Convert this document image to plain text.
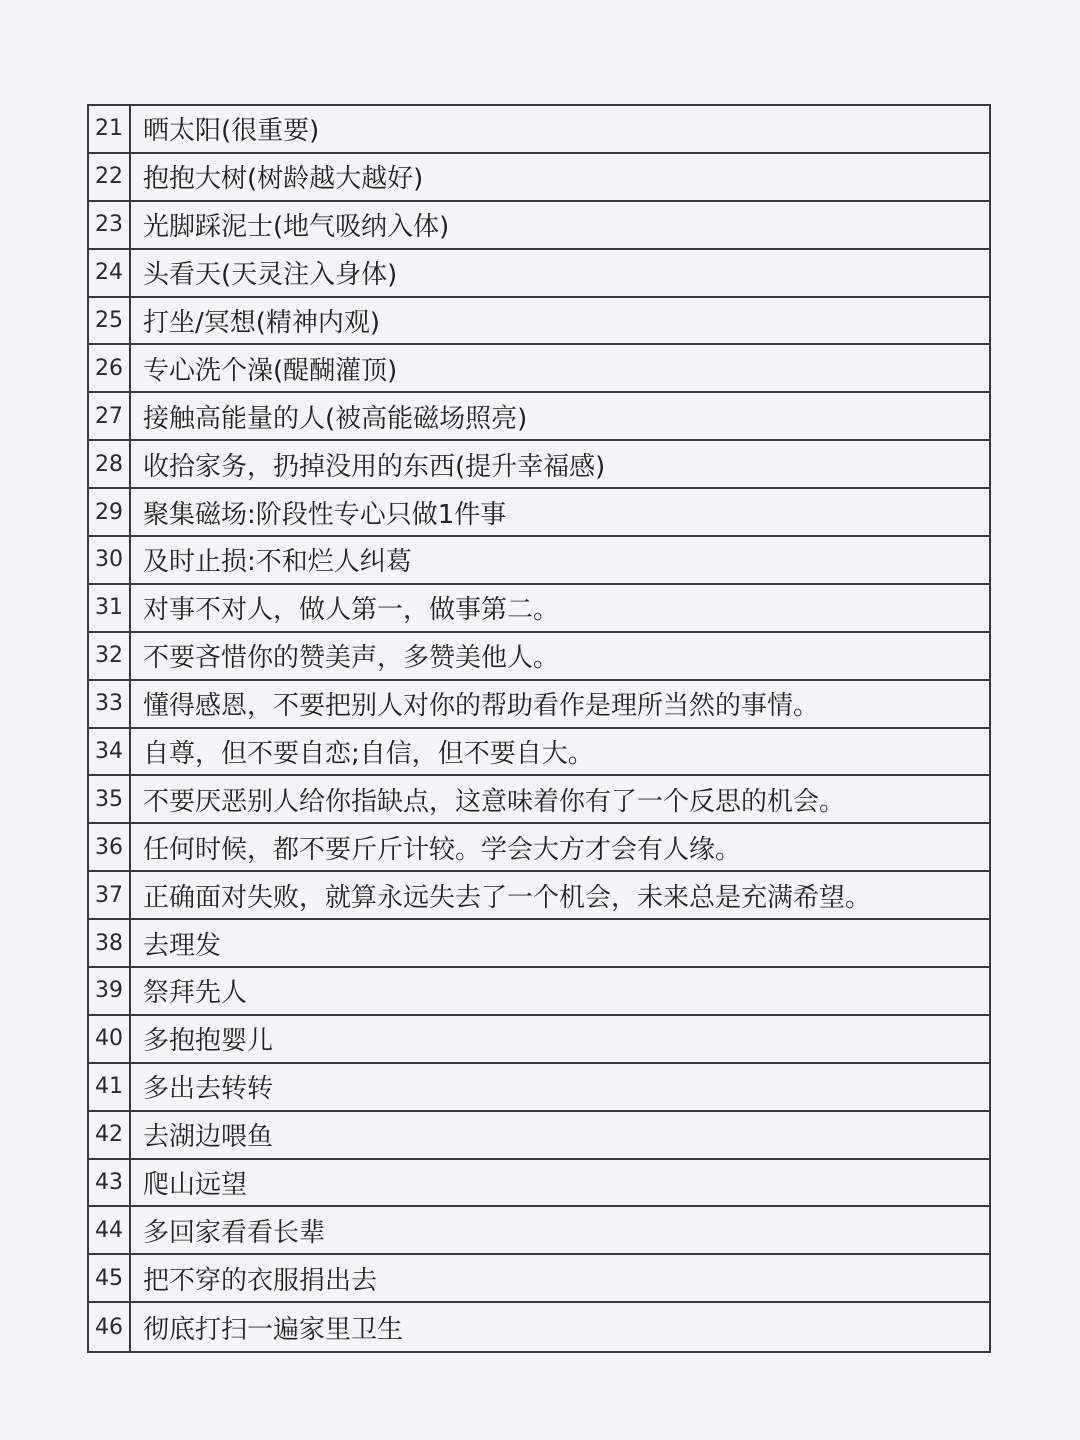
21 晒太阳(很重要)
22 抱抱大树(树龄越大越好)
23 光脚踩泥士(地气吸纳入体)
24 头看天(天灵注入身体)
25 打坐/冥想(精神内观)
26 专心洗个澡(醍醐灌顶)
27 接触高能量的人(被高能磁场照亮)
28 收拾家务，扔掉没用的东西(提升幸福感)
29 聚集磁场:阶段性专心只做1件事
30 及时止损:不和烂人纠葛
31 对事不对人，做人第一，做事第二。
32 不要吝惜你的赞美声，多赞美他人。
33 懂得感恩，不要把别人对你的帮助看作是理所当然的事情。
34 自尊，但不要自恋;自信，但不要自大。
35 不要厌恶别人给你指缺点，这意味着你有了一个反思的机会。
36 任何时候，都不要斤斤计较。学会大方才会有人缘。
37 正确面对失败，就算永远失去了一个机会，未来总是充满希望。
38 去理发
39 祭拜先人
40 多抱抱婴儿
41 多出去转转
42 去湖边喂鱼
43 爬山远望
44 多回家看看长辈
45 把不穿的衣服捐出去
46 彻底打扫一遍家里卫生
